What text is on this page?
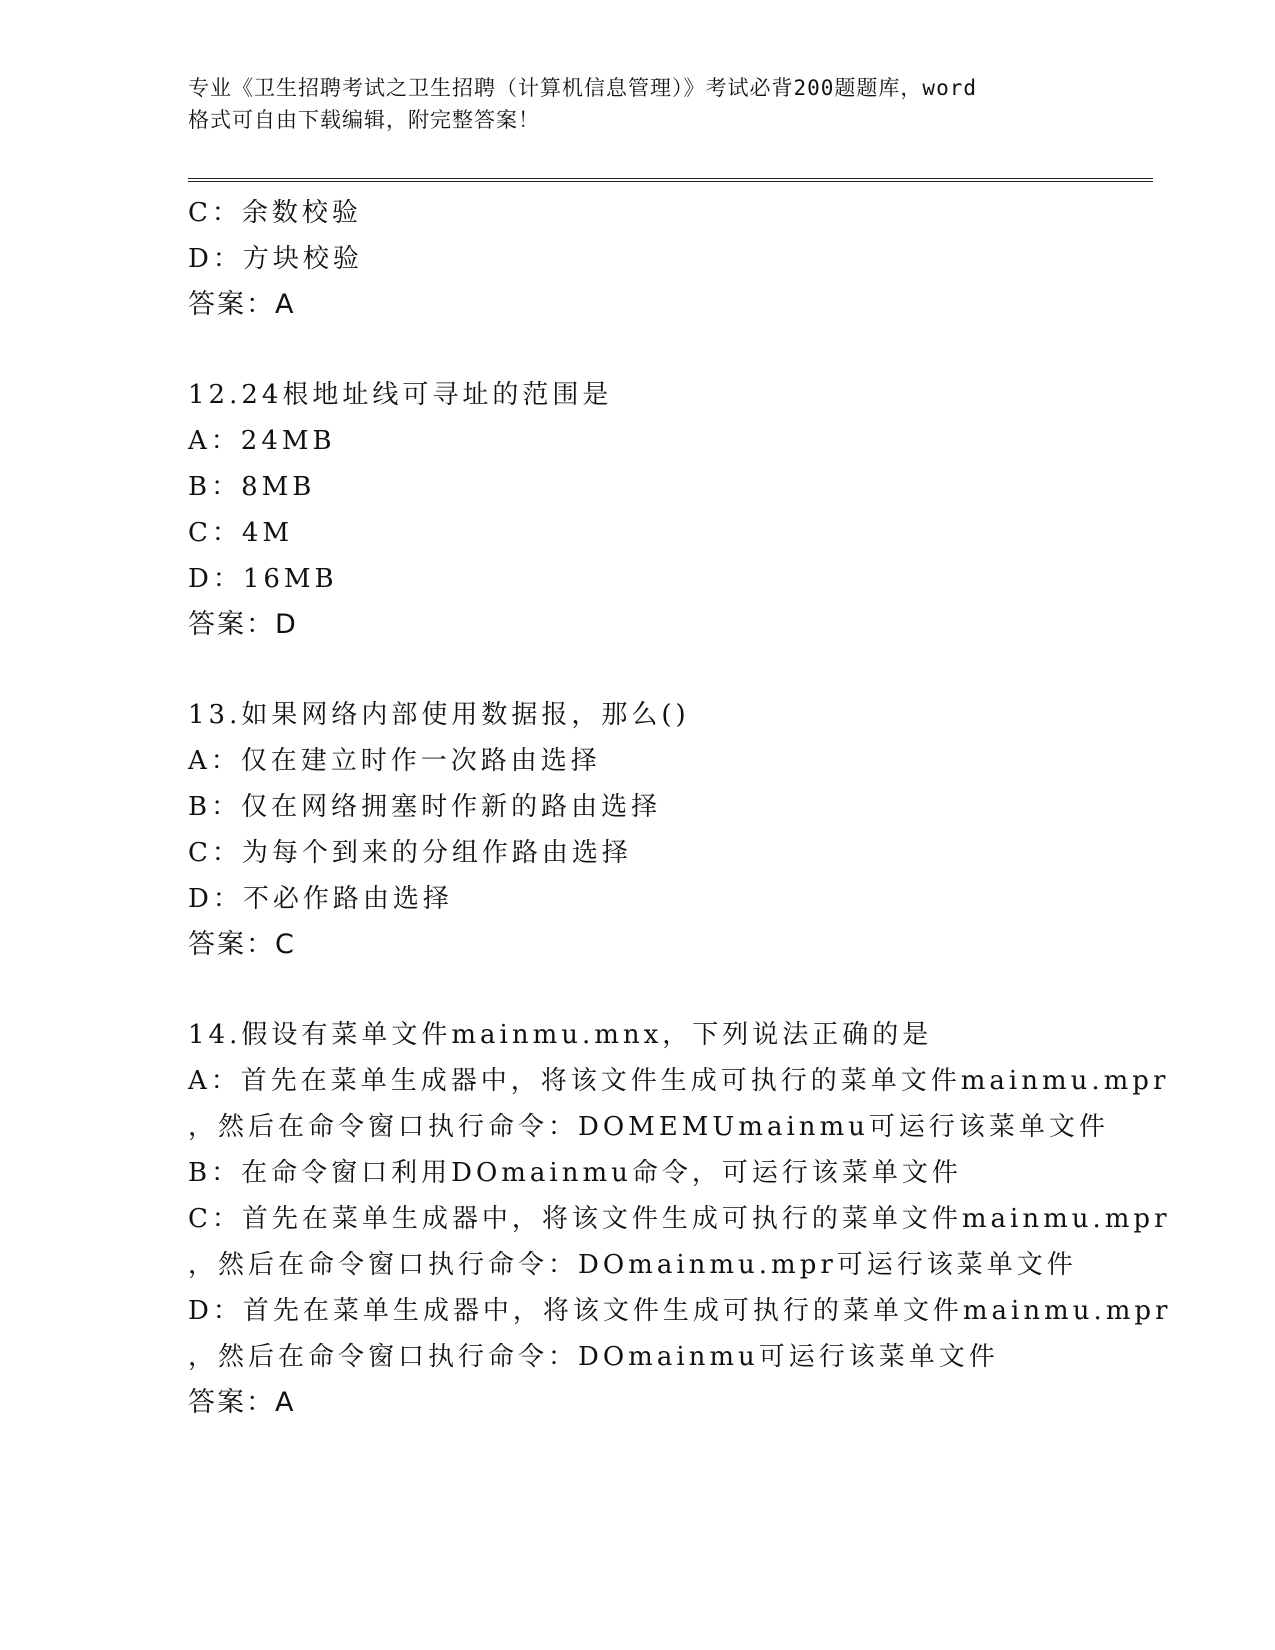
专业《卫生招聘考试之卫生招聘（计算机信息管理）》考试必背200题题库，word
格式可自由下载编辑，附完整答案！
C：余数校验
D：方块校验
答案：A
12.24根地址线可寻址的范围是
A：24MB
B：8MB
C：4M
D：16MB
答案：D
13.如果网络内部使用数据报，那么()
A：仅在建立时作一次路由选择
B：仅在网络拥塞时作新的路由选择
C：为每个到来的分组作路由选择
D：不必作路由选择
答案：C
14.假设有菜单文件mainmu.mnx，下列说法正确的是
A：首先在菜单生成器中，将该文件生成可执行的菜单文件mainmu.mpr
，然后在命令窗口执行命令：DOMEMUmainmu可运行该菜单文件
B：在命令窗口利用DOmainmu命令，可运行该菜单文件
C：首先在菜单生成器中，将该文件生成可执行的菜单文件mainmu.mpr
，然后在命令窗口执行命令：DOmainmu.mpr可运行该菜单文件
D：首先在菜单生成器中，将该文件生成可执行的菜单文件mainmu.mpr
，然后在命令窗口执行命令：DOmainmu可运行该菜单文件
答案：A
